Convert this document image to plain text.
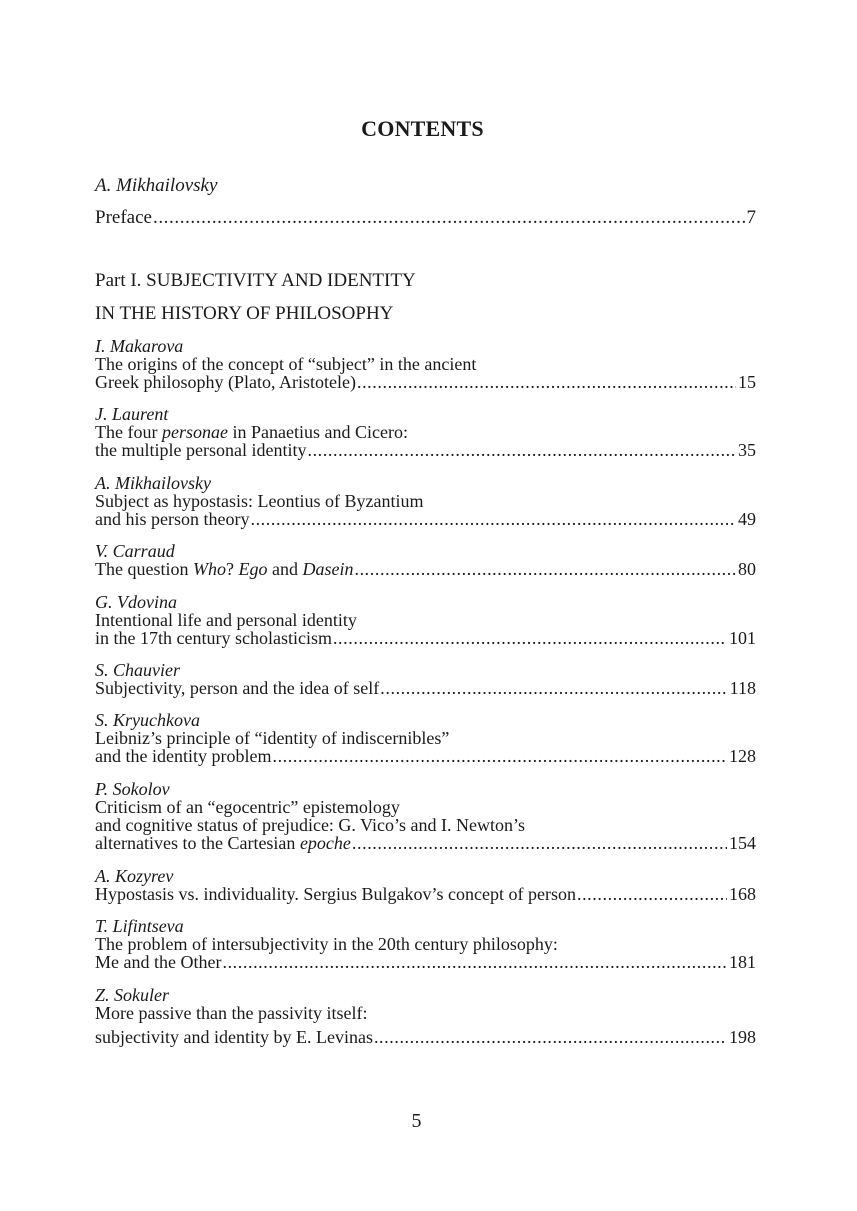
CONTENTS
A. Mikhailovsky
Preface .....	7
Part I. SUBJECTIVITY AND IDENTITY
IN THE HISTORY OF PHILOSOPHY
I. Makarova
The origins of the concept of “subject” in the ancient
Greek philosophy (Plato, Aristotele) .....	15
J. Laurent
The four personae in Panaetius and Cicero:
the multiple personal identity .....	35
A. Mikhailovsky
Subject as hypostasis: Leontius of Byzantium
and his person theory .....	49
V. Carraud
The question Who? Ego and Dasein .....	80
G. Vdovina
Intentional life and personal identity
in the 17th century scholasticism .....	101
S. Chauvier
Subjectivity, person and the idea of self .....	118
S. Kryuchkova
Leibniz’s principle of “identity of indiscernibles”
and the identity problem .....	128
P. Sokolov
Criticism of an “egocentric” epistemology
and cognitive status of prejudice: G. Vico’s and I. Newton’s
alternatives to the Cartesian epoche .....	154
A. Kozyrev
Hypostasis vs. individuality. Sergius Bulgakov’s concept of person .....	168
T. Lifintseva
The problem of intersubjectivity in the 20th century philosophy:
Me and the Other .....	181
Z. Sokuler
More passive than the passivity itself:
subjectivity and identity by E. Levinas .....	198
5
